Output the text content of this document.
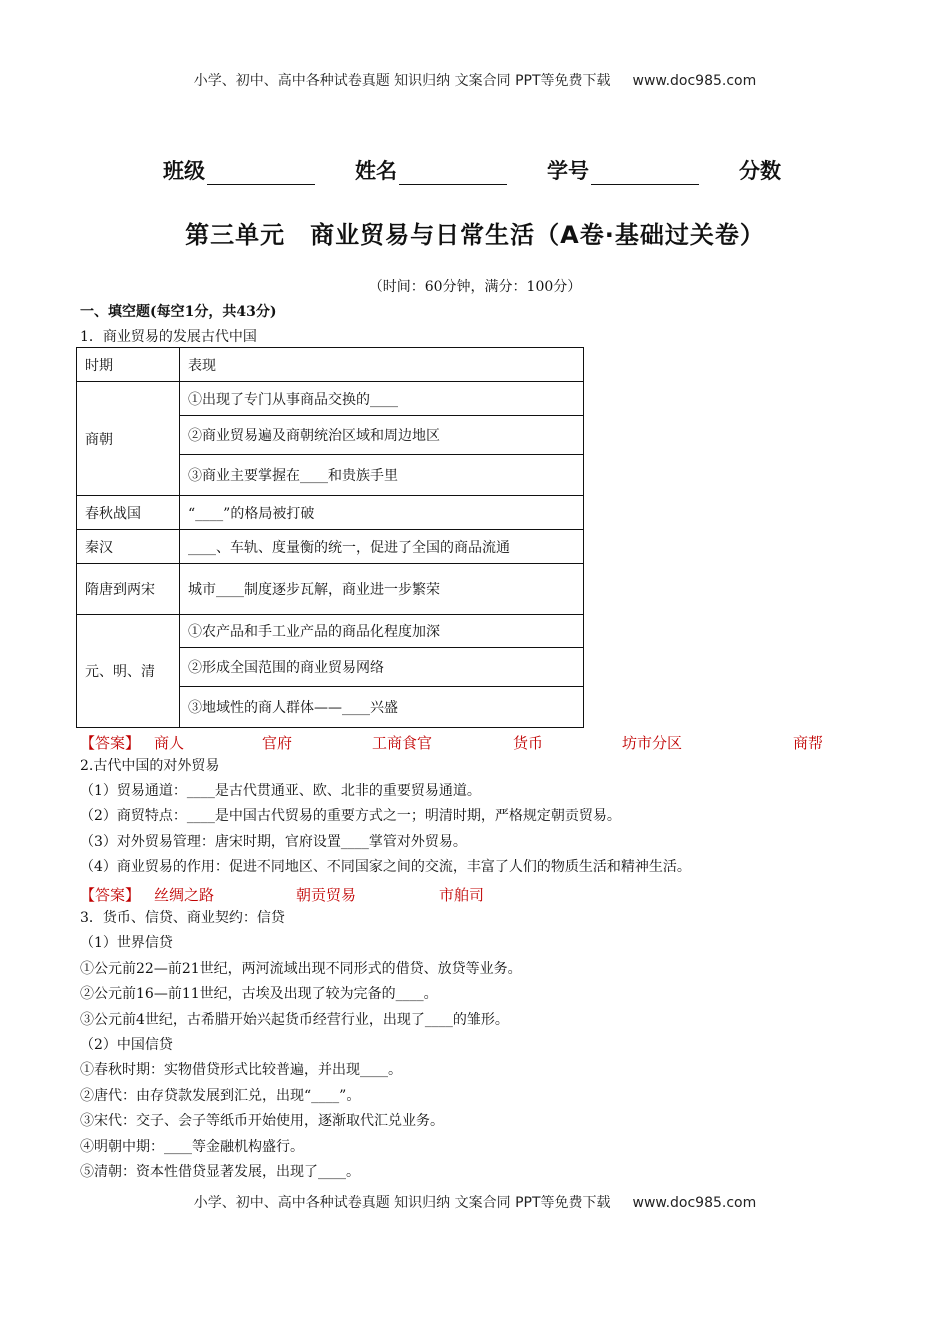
小学、初中、高中各种试卷真题 知识归纳 文案合同 PPT等免费下载 www.doc985.com
班级	姓名	学号	分数
第三单元　商业贸易与日常生活（A卷·基础过关卷）
（时间：60分钟，满分：100分）
一、填空题(每空1分，共43分)
1．商业贸易的发展古代中国
时期	表现
商朝	①出现了专门从事商品交换的____
	②商业贸易遍及商朝统治区域和周边地区
	③商业主要掌握在____和贵族手里
春秋战国	“____”的格局被打破
秦汉	____、车轨、度量衡的统一，促进了全国的商品流通
隋唐到两宋	城市____制度逐步瓦解，商业进一步繁荣
元、明、清	①农产品和手工业产品的商品化程度加深
	②形成全国范围的商业贸易网络
	③地域性的商人群体——____兴盛
【答案】 商人	官府	工商食官	货币	坊市分区	商帮
2.古代中国的对外贸易
（1）贸易通道：____是古代贯通亚、欧、北非的重要贸易通道。
（2）商贸特点：____是中国古代贸易的重要方式之一；明清时期，严格规定朝贡贸易。
（3）对外贸易管理：唐宋时期，官府设置____掌管对外贸易。
（4）商业贸易的作用：促进不同地区、不同国家之间的交流，丰富了人们的物质生活和精神生活。
【答案】 丝绸之路	朝贡贸易	市舶司
3．货币、信贷、商业契约：信贷
（1）世界信贷
①公元前22—前21世纪，两河流域出现不同形式的借贷、放贷等业务。
②公元前16—前11世纪，古埃及出现了较为完备的____。
③公元前4世纪，古希腊开始兴起货币经营行业，出现了____的雏形。
（2）中国信贷
①春秋时期：实物借贷形式比较普遍，并出现____。
②唐代：由存贷款发展到汇兑，出现“____”。
③宋代：交子、会子等纸币开始使用，逐渐取代汇兑业务。
④明朝中期：____等金融机构盛行。
⑤清朝：资本性借贷显著发展，出现了____。
小学、初中、高中各种试卷真题 知识归纳 文案合同 PPT等免费下载 www.doc985.com
